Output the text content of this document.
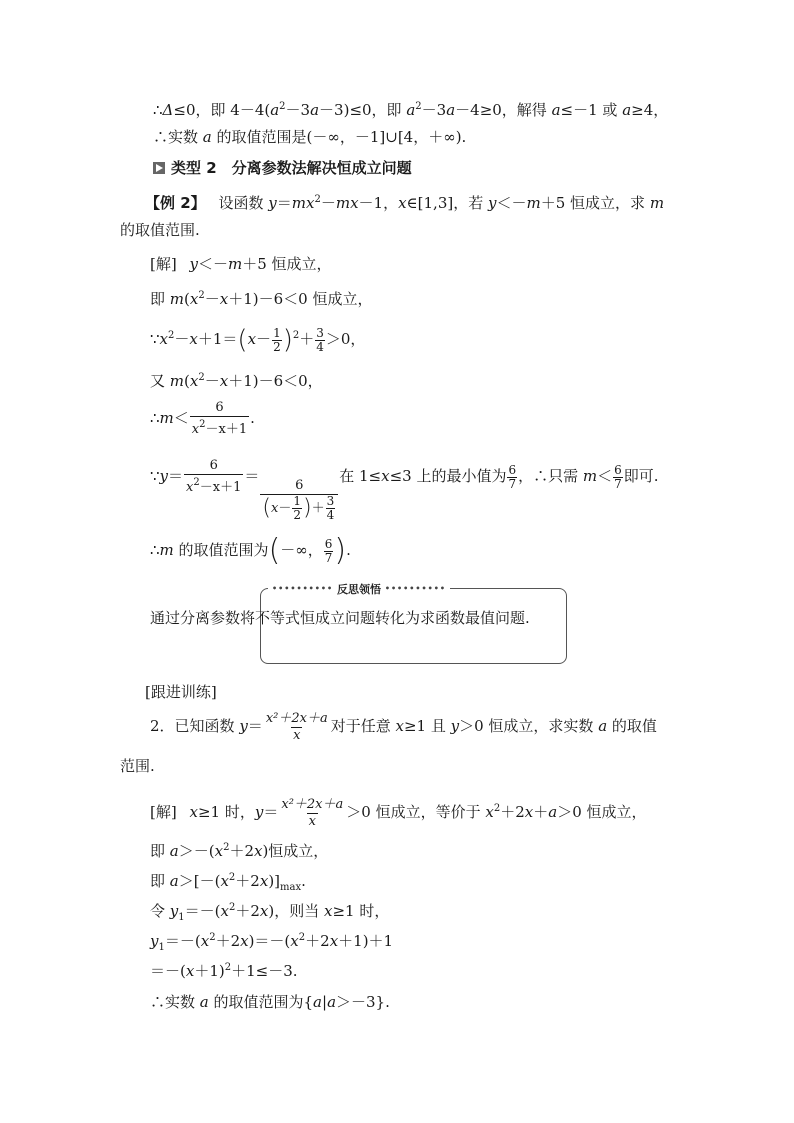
∴Δ≤0，即 $4-4(a^2-3a-3)\le 0$，即 $a^2-3a-4\ge 0$，解得 a≤－1 或 a≥4，
∴实数 a 的取值范围是(－∞，－1]∪[4，＋∞).
类型 2　分离参数法解决恒成立问题
【例 2】 设函数 $y=mx^2-mx-1$，x∈[1,3]，若 y＜－m＋5 恒成立，求 m
的取值范围.
[解] y＜－m＋5 恒成立，
即 $m(x^2-x+1)-6<0$ 恒成立，
$\because x^2-x+1=(x- \frac{1}{2} )^2+ \frac{3}{4} >0$，
又 $m(x^2-x+1)-6<0$，
∴m＜ $\frac{6}{x^2-x+1}$ .
∵y＝ $\frac{6}{x^2-x+1}$ ＝
$\frac{6}{(x- \frac{1}{2} )+ \frac{3}{4}}$
在 1≤x≤3 上的最小值为 $\frac{6}{7}$ ，∴只需 $m< \frac{6}{7}$ 即可.
∴m 的取值范围为(－∞， $\frac{6}{7}$ ).
•••••••••• 反思领悟 ••••••••••
通过分离参数将不等式恒成立问题转化为求函数最值问题.
[跟进训练]
2．已知函数 $y= \frac{\text{x²＋2x＋a}}{x}$ 对于任意 x≥1 且 y＞0 恒成立，求实数 a 的取值
范围.
[解] x≥1 时，$y= \frac{\text{x²＋2x＋a}}{x} >0$ 恒成立，等价于 $x^2+2x+a>0$ 恒成立，
即 $a>-(x^2+2x)$恒成立，
即 $a>[-(x^2+2x)]_{max}$.
令 $y_1=-(x^2+2x)$，则当 x≥1 时，
$y_1=-(x^2+2x)=-(x^2+2x+1)+1$
$=-(x+1)^2+1\le-3$.
∴实数 a 的取值范围为{a|a＞－3}.
